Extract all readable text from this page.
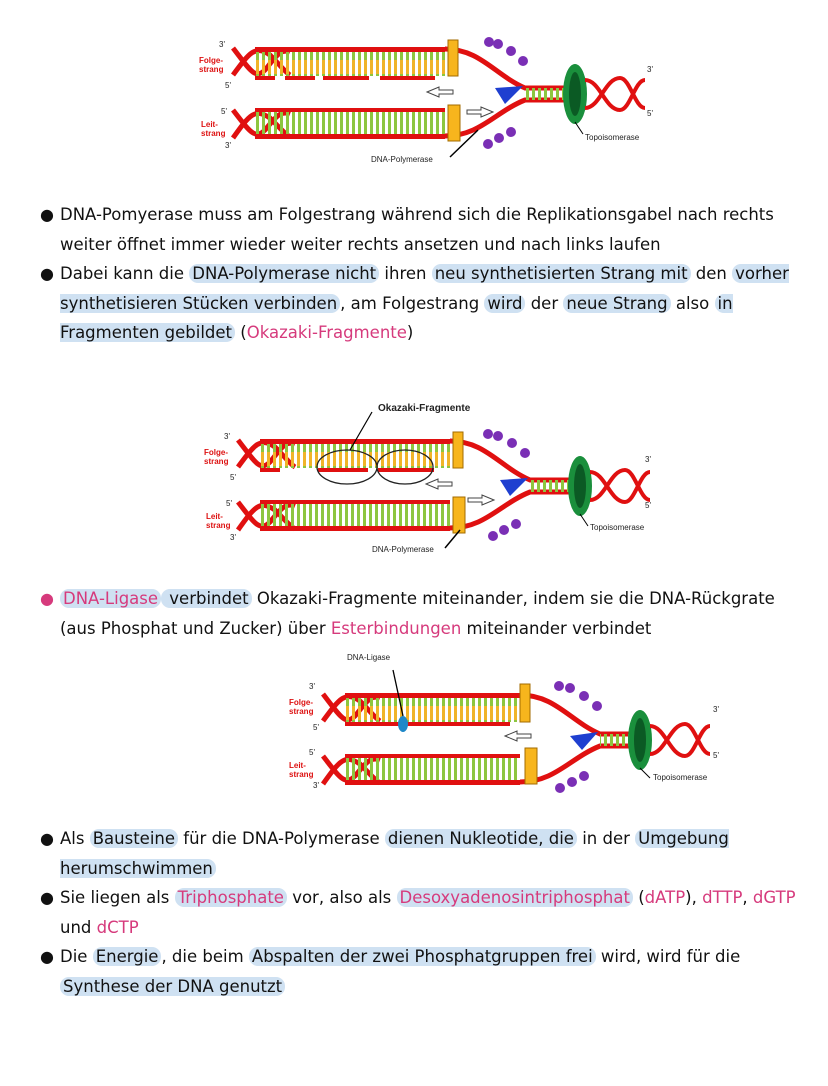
3'
Folge-
strang
5'
5'
Leit-
strang
3'
3'
5'
Topoisomerase
DNA-Polymerase
● DNA-Pomyerase muss am Folgestrang während sich die Replikationsgabel nach rechts weiter öffnet immer wieder weiter rechts ansetzen und nach links laufen
● Dabei kann die DNA-Polymerase nicht ihren neu synthetisierten Strang mit den vorher synthetisieren Stücken verbinden , am Folgestrang wird der neue Strang also in Fragmenten gebildet (Okazaki-Fragmente)
3'
Folge-
strang
5'
5'
Leit-
strang
3'
3'
5'
Topoisomerase
DNA-Polymerase
Okazaki-Fragmente
● DNA-Ligase verbindet Okazaki-Fragmente miteinander, indem sie die DNA-Rückgrate (aus Phosphat und Zucker) über Esterbindungen miteinander verbindet
3'
Folge-
strang
5'
5'
Leit-
strang
3'
3'
5'
Topoisomerase
DNA-Ligase
● Als Bausteine für die DNA-Polymerase dienen Nukleotide, die in der Umgebung herumschwimmen
● Sie liegen als Triphosphate vor, also als Desoxyadenosintriphosphat (dATP), dTTP, dGTP und dCTP
● Die Energie , die beim Abspalten der zwei Phosphatgruppen frei wird, wird für die Synthese der DNA genutzt
